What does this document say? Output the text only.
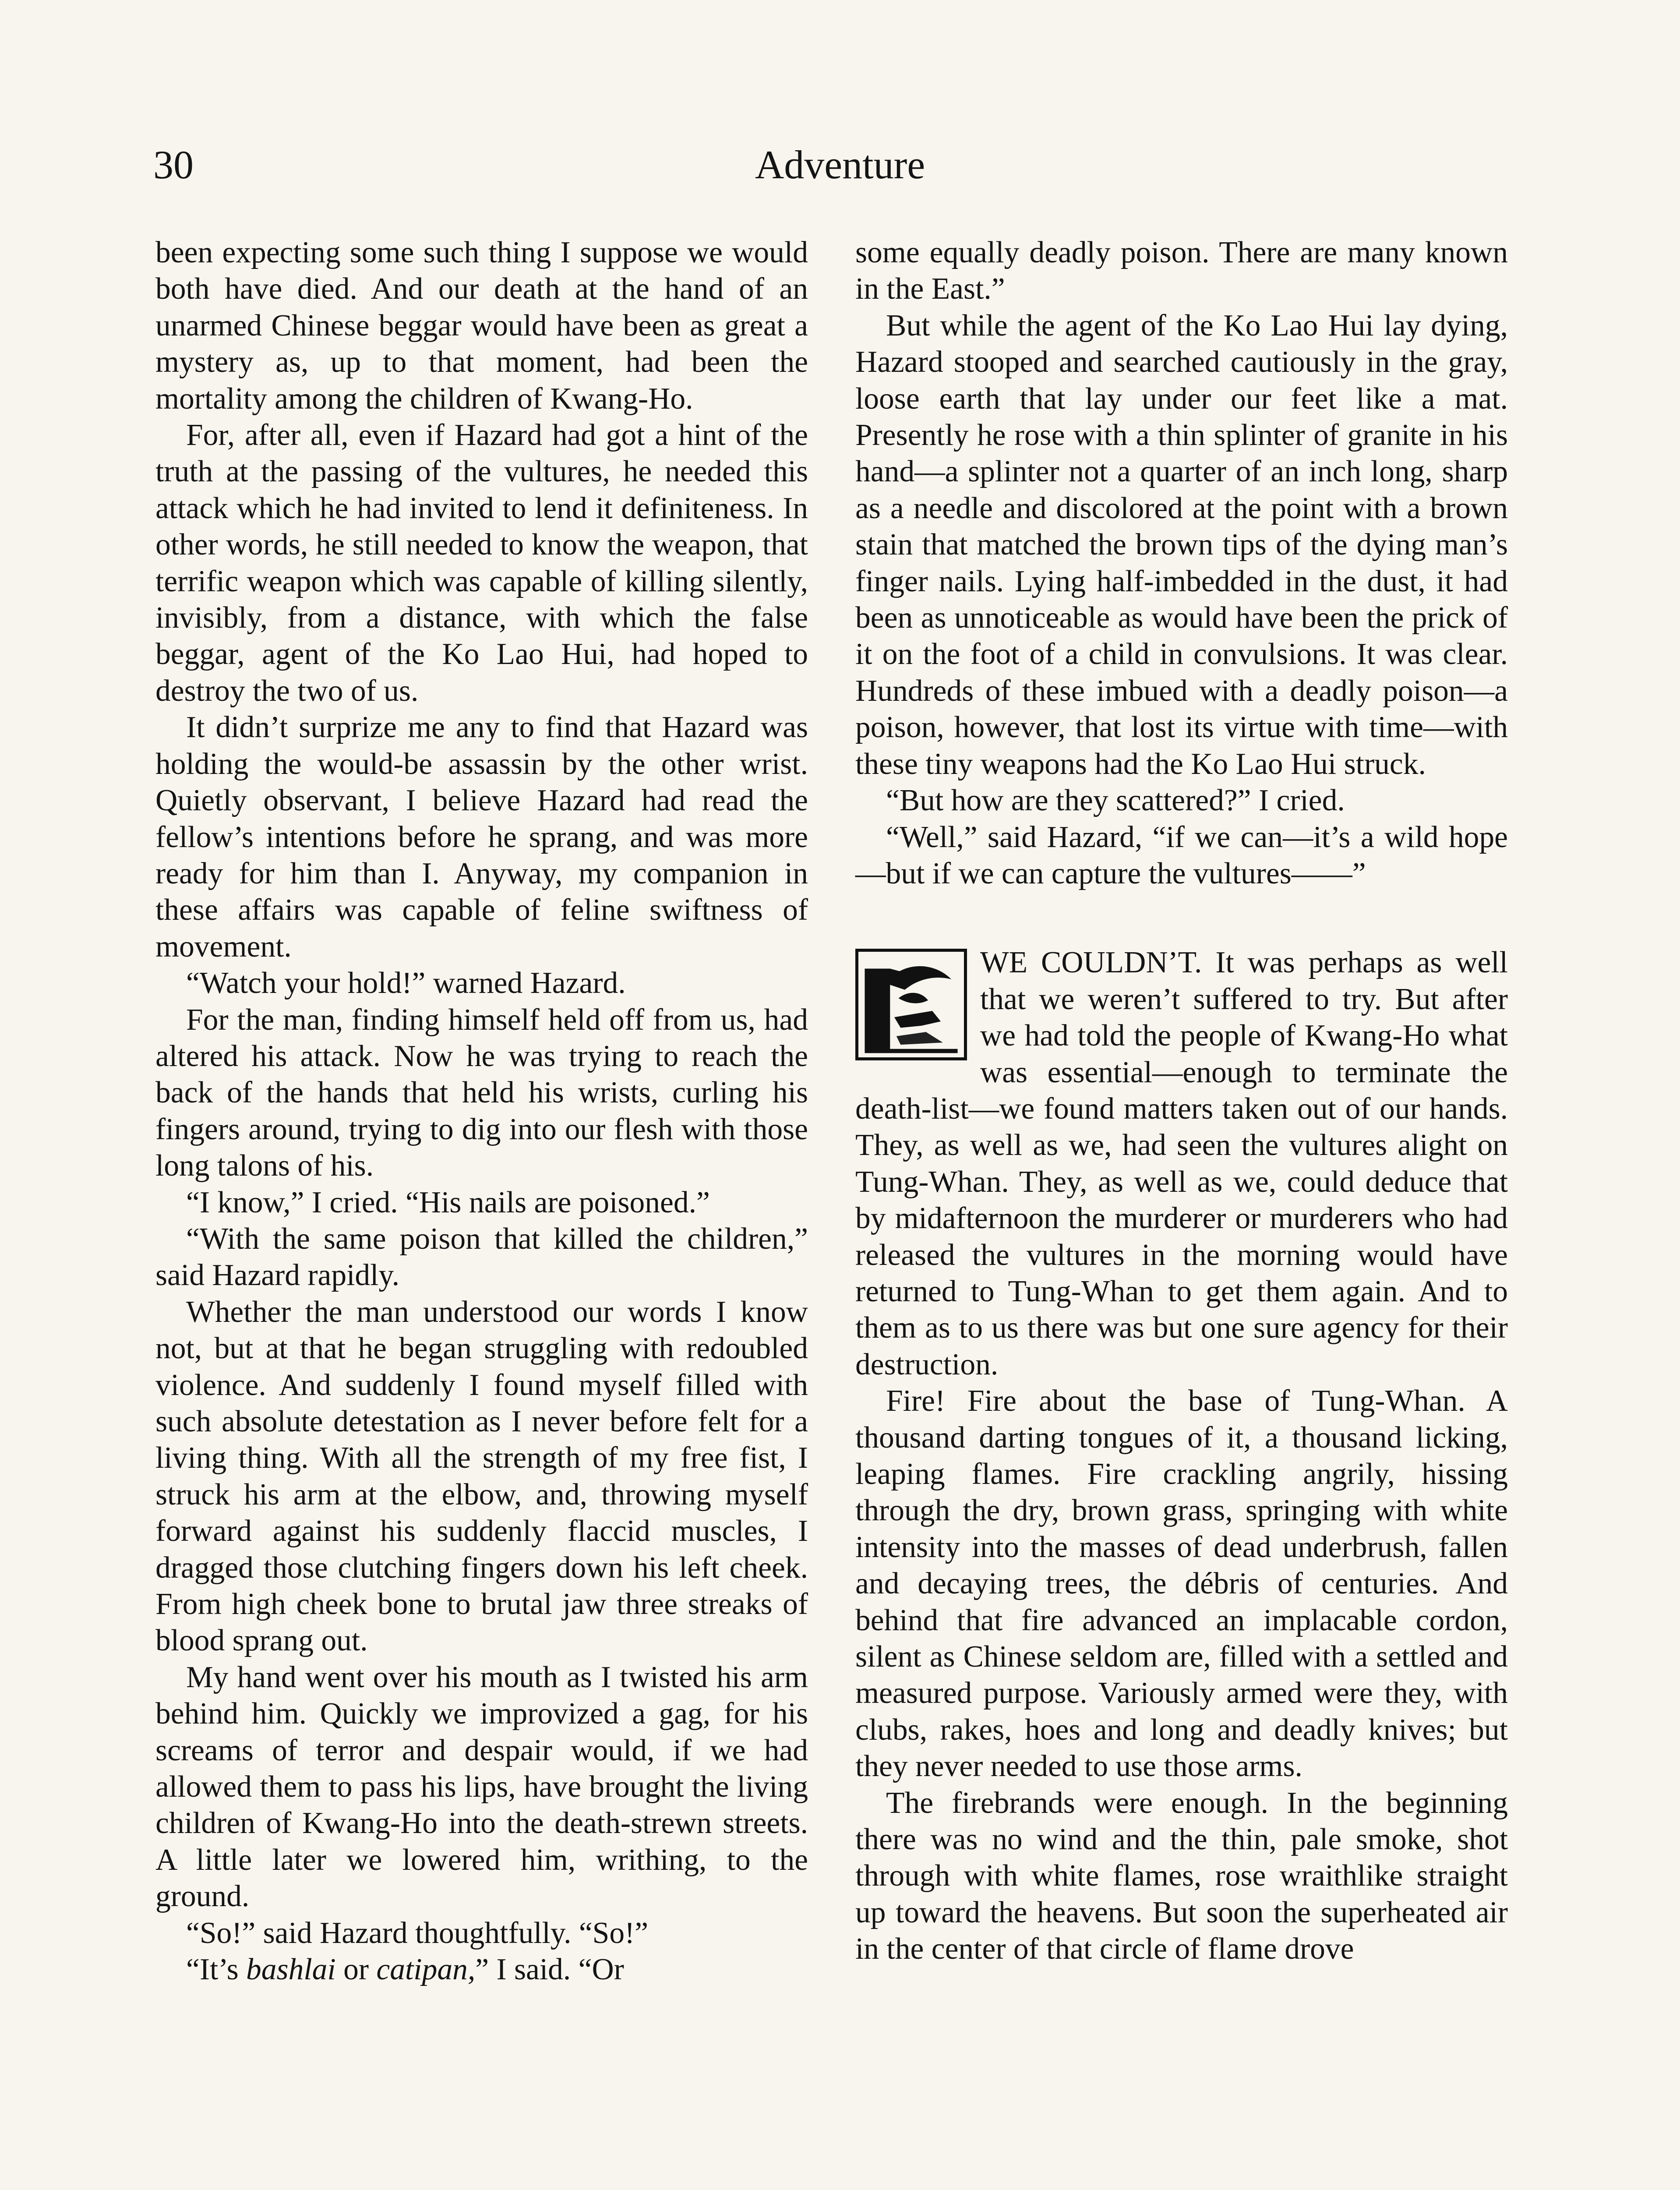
30	Adventure

been expecting some such thing I suppose we would both have died. And our death at the hand of an unarmed Chinese beggar would have been as great a mystery as, up to that moment, had been the mortality among the children of Kwang-Ho.

For, after all, even if Hazard had got a hint of the truth at the passing of the vultures, he needed this attack which he had invited to lend it definiteness. In other words, he still needed to know the weapon, that terrific weapon which was capable of killing silently, invisibly, from a distance, with which the false beggar, agent of the Ko Lao Hui, had hoped to destroy the two of us.

It didn’t surprize me any to find that Hazard was holding the would-be assassin by the other wrist. Quietly observant, I believe Hazard had read the fellow’s intentions before he sprang, and was more ready for him than I. Anyway, my companion in these affairs was capable of feline swiftness of movement.

“Watch your hold!” warned Hazard.

For the man, finding himself held off from us, had altered his attack. Now he was trying to reach the back of the hands that held his wrists, curling his fingers around, trying to dig into our flesh with those long talons of his.

“I know,” I cried. “His nails are poisoned.”

“With the same poison that killed the children,” said Hazard rapidly.

Whether the man understood our words I know not, but at that he began struggling with redoubled violence. And suddenly I found myself filled with such absolute detestation as I never before felt for a living thing. With all the strength of my free fist, I struck his arm at the elbow, and, throwing myself forward against his suddenly flaccid muscles, I dragged those clutching fingers down his left cheek. From high cheek bone to brutal jaw three streaks of blood sprang out.

My hand went over his mouth as I twisted his arm behind him. Quickly we improvized a gag, for his screams of terror and despair would, if we had allowed them to pass his lips, have brought the living children of Kwang-Ho into the death-strewn streets. A little later we lowered him, writhing, to the ground.

“So!” said Hazard thoughtfully. “So!”

“It’s bashlai or catipan,” I said. “Or

some equally deadly poison. There are many known in the East.”

But while the agent of the Ko Lao Hui lay dying, Hazard stooped and searched cautiously in the gray, loose earth that lay under our feet like a mat. Presently he rose with a thin splinter of granite in his hand—a splinter not a quarter of an inch long, sharp as a needle and discolored at the point with a brown stain that matched the brown tips of the dying man’s finger nails. Lying half-imbedded in the dust, it had been as unnoticeable as would have been the prick of it on the foot of a child in convulsions. It was clear. Hundreds of these imbued with a deadly poison—a poison, however, that lost its virtue with time—with these tiny weapons had the Ko Lao Hui struck.

“But how are they scattered?” I cried.

“Well,” said Hazard, “if we can—it’s a wild hope—but if we can capture the vultures——”

WE COULDN’T. It was perhaps as well that we weren’t suffered to try. But after we had told the people of Kwang-Ho what was essential—enough to terminate the death-list—we found matters taken out of our hands. They, as well as we, had seen the vultures alight on Tung-Whan. They, as well as we, could deduce that by midafternoon the murderer or murderers who had released the vultures in the morning would have returned to Tung-Whan to get them again. And to them as to us there was but one sure agency for their destruction.

Fire! Fire about the base of Tung-Whan. A thousand darting tongues of it, a thousand licking, leaping flames. Fire crackling angrily, hissing through the dry, brown grass, springing with white intensity into the masses of dead underbrush, fallen and decaying trees, the débris of centuries. And behind that fire advanced an implacable cordon, silent as Chinese seldom are, filled with a settled and measured purpose. Variously armed were they, with clubs, rakes, hoes and long and deadly knives; but they never needed to use those arms.

The firebrands were enough. In the beginning there was no wind and the thin, pale smoke, shot through with white flames, rose wraithlike straight up toward the heavens. But soon the superheated air in the center of that circle of flame drove
